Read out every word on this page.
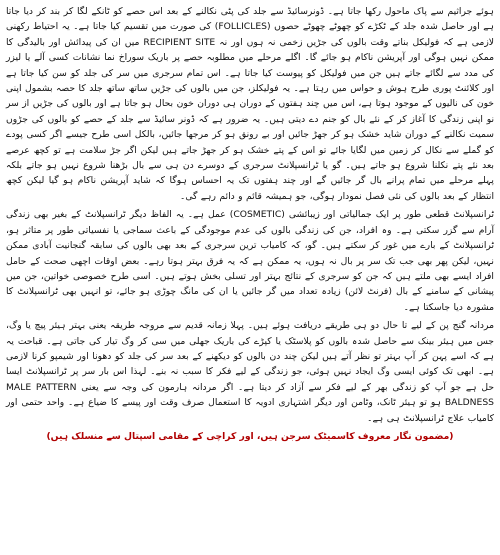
ہوئے جراثیم سے پاک ماحول رکھا جاتا ہے۔ ڈونرسائیڈ سے جلد کی پٹی نکالنے کے بعد اس حصے کو ٹانکے لگا کر بند کر دیا جاتا ہے اور حاصل شدہ جلد کے ٹکڑے کو چھوٹے چھوٹے حصوں (FOLLICLES) کی صورت میں تقسیم کیا جاتا ہے۔ یہ احتیاط رکھنی لازمی ہے کہ فولیکل بناتے وقت بالوں کی جڑیں زخمی نہ ہوں اور نہ RECIPIENT SITE میں ان کی پیدائش اور بالیدگی کا ممکن نہیں ہوگی اور آپریشن ناکام ہو جائے گا۔ اگلے مرحلے میں مطلوبہ حصے پر باریک سوراخ نما نشانات کسی آلے یا لیزر کی مدد سے لگائے جاتے ہیں جن میں فولیکل کو پیوست کیا جاتا ہے۔ اس تمام سرجری میں سر کی جلد کو سن کیا جاتا ہے اور کلائنٹ پوری طرح ہوش و حواس میں رہتا ہے۔ یہ فولیکلز، جن میں بالوں کی جڑیں ساتھ ساتھ جلد کا حصہ بشمول اپنی خون کی نالیوں کے موجود ہوتا ہے، اس میں چند ہفتوں کے دوران ہی دوران خون بحال ہو جاتا ہے اور بالوں کی جڑیں از سر نو اپنی زندگی کا آغاز کر کے نئے بال کو جنم دے دیتی ہیں۔ یہ ضرور ہے کہ ڈونر سائیڈ سے جلد کے حصے کو بالوں کی جڑوں سمیت نکالنے کے دوران شاید خشک ہو کر جھڑ جائیں اور بے رونق ہو کر مرجھا جائیں، بالکل اسی طرح جیسے اگر کسی پودے کو گملے سے نکال کر زمین میں لگایا جائے تو اس کے پتے خشک ہو کر جھڑ جاتے ہیں لیکن اگر جڑ سلامت ہے تو کچھ عرصے بعد نئے پتے نکلنا شروع ہو جاتے ہیں۔ گو یا ٹرانسپلانٹ سرجری کے دوسرے دن ہی سے بال بڑھنا شروع نہیں ہو جاتے بلکہ پہلے مرحلے میں تمام پرانے بال گر جائیں گے اور چند ہفتوں تک یہ احساس ہوگا کہ شاید آپریشن ناکام ہو گیا لیکن کچھ انتظار کے بعد بالوں کی نئی فصل نمودار ہوگی، جو ہمیشہ قائم و دائم رہے گی۔

ٹرانسپلانٹ قطعی طور پر ایک جمالیاتی اور زیبائشی (COSMETIC) عمل ہے۔ یہ الفاظ دیگر ٹرانسپلانٹ کے بغیر بھی زندگی آرام سے گزر سکتی ہے۔ وہ افراد، جن کی زندگی بالوں کی عدم موجودگی کے باعث سماجی یا نفسیاتی طور پر متاثر ہو، ٹرانسپلانٹ کے بارے میں غور کر سکتے ہیں۔ گو، کہ کامیاب ترین سرجری کے بعد بھی بالوں کی سابقہ گنجانیت آبادی ممکن نہیں، لیکن پھر بھی جب تک سر پر بال نہ ہوں، یہ ممکن ہے کہ یہ فرق بہتر ہوتا رہے۔ بعض اوقات اچھی صحت کے حامل افراد ایسے بھی ملتے ہیں کہ جن کو سرجری کے نتائج بہتر اور تسلی بخش ہوتے ہیں۔ اسی طرح خصوصی خواتین، جن میں پیشانی کے سامنے کے بال (فرنٹ لائن) زیادہ تعداد میں گر جائیں یا ان کی مانگ چوڑی ہو جائے، تو انہیں بھی ٹرانسپلانٹ کا مشورہ دیا جاسکتا ہے۔

مردانہ گنج پن کے لیے تا حال دو ہی طریقے دریافت ہوئے ہیں۔ پہلا زمانہ قدیم سے مروجہ طریقہ یعنی بہتر ہیئر پیچ یا وگ، جس میں ہیئر بینک سے حاصل شدہ بالوں کو پلاسٹک یا کپڑے کی باریک جھلی میں سی کر وگ تیار کی جاتی ہے۔ قباحت یہ ہے کہ اسے پہن کر آپ بہتر تو نظر آتے ہیں لیکن چند دن بالوں کو دیکھنے کے بعد سر کی جلد کو دھونا اور شیمپو کرنا لازمی ہے۔ ابھی تک کوئی ایسی وگ ایجاد نہیں ہوئی، جو زندگی کے لیے فکر کا سبب نہ بنے۔ لہذا اس بار سر پر ٹرانسپلانٹ ایسا حل ہے جو آپ کو زندگی بھر کے لیے فکر سے آزاد کر دیتا ہے۔ اگر مردانہ ہارمون کی وجہ سے یعنی MALE PATTERN BALDNESS ہو تو ہیئر ٹانک، وٹامن اور دیگر اشتہاری ادویہ کا استعمال صرف وقت اور پیسے کا ضیاع ہے۔ واحد حتمی اور کامیاب علاج ٹرانسپلانٹ ہی ہے۔

(مضمون نگار معروف کاسمیٹک سرجن ہیں، اور کراچی کے مقامی اسپتال سے منسلک ہیں)
